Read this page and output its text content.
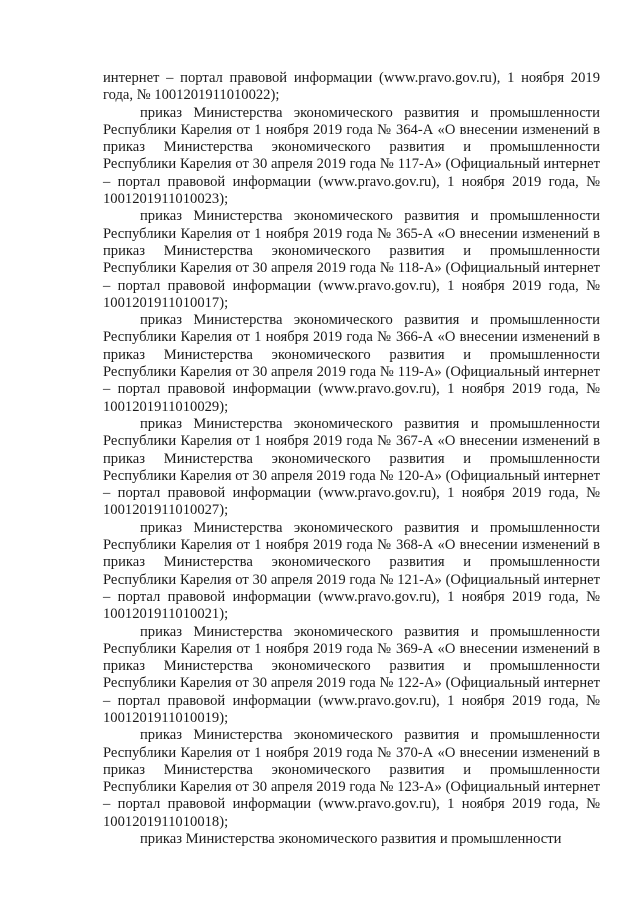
интернет – портал правовой информации (www.pravo.gov.ru), 1 ноября 2019 года, № 1001201911010022);

приказ Министерства экономического развития и промышленности Республики Карелия от 1 ноября 2019 года № 364-А «О внесении изменений в приказ Министерства экономического развития и промышленности Республики Карелия от 30 апреля 2019 года № 117-А» (Официальный интернет – портал правовой информации (www.pravo.gov.ru), 1 ноября 2019 года, № 1001201911010023);

приказ Министерства экономического развития и промышленности Республики Карелия от 1 ноября 2019 года № 365-А «О внесении изменений в приказ Министерства экономического развития и промышленности Республики Карелия от 30 апреля 2019 года № 118-А» (Официальный интернет – портал правовой информации (www.pravo.gov.ru), 1 ноября 2019 года, № 1001201911010017);

приказ Министерства экономического развития и промышленности Республики Карелия от 1 ноября 2019 года № 366-А «О внесении изменений в приказ Министерства экономического развития и промышленности Республики Карелия от 30 апреля 2019 года № 119-А» (Официальный интернет – портал правовой информации (www.pravo.gov.ru), 1 ноября 2019 года, № 1001201911010029);

приказ Министерства экономического развития и промышленности Республики Карелия от 1 ноября 2019 года № 367-А «О внесении изменений в приказ Министерства экономического развития и промышленности Республики Карелия от 30 апреля 2019 года № 120-А» (Официальный интернет – портал правовой информации (www.pravo.gov.ru), 1 ноября 2019 года, № 1001201911010027);

приказ Министерства экономического развития и промышленности Республики Карелия от 1 ноября 2019 года № 368-А «О внесении изменений в приказ Министерства экономического развития и промышленности Республики Карелия от 30 апреля 2019 года № 121-А» (Официальный интернет – портал правовой информации (www.pravo.gov.ru), 1 ноября 2019 года, № 1001201911010021);

приказ Министерства экономического развития и промышленности Республики Карелия от 1 ноября 2019 года № 369-А «О внесении изменений в приказ Министерства экономического развития и промышленности Республики Карелия от 30 апреля 2019 года № 122-А» (Официальный интернет – портал правовой информации (www.pravo.gov.ru), 1 ноября 2019 года, № 1001201911010019);

приказ Министерства экономического развития и промышленности Республики Карелия от 1 ноября 2019 года № 370-А «О внесении изменений в приказ Министерства экономического развития и промышленности Республики Карелия от 30 апреля 2019 года № 123-А» (Официальный интернет – портал правовой информации (www.pravo.gov.ru), 1 ноября 2019 года, № 1001201911010018);

приказ Министерства экономического развития и промышленности
